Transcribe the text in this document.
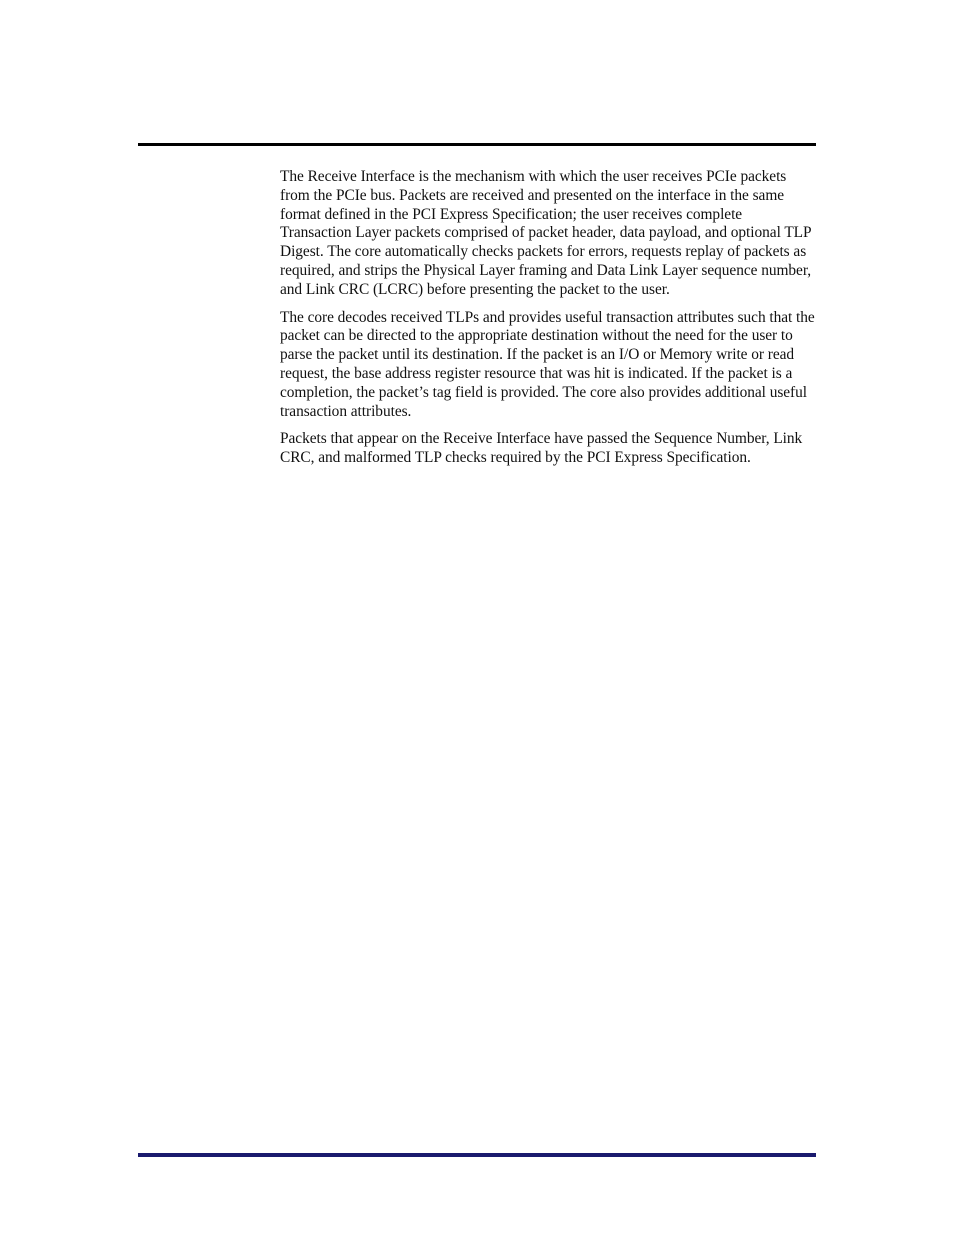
The Receive Interface is the mechanism with which the user receives PCIe packets from the PCIe bus. Packets are received and presented on the interface in the same format defined in the PCI Express Specification; the user receives complete Transaction Layer packets comprised of packet header, data payload, and optional TLP Digest. The core automatically checks packets for errors, requests replay of packets as required, and strips the Physical Layer framing and Data Link Layer sequence number, and Link CRC (LCRC) before presenting the packet to the user.

The core decodes received TLPs and provides useful transaction attributes such that the packet can be directed to the appropriate destination without the need for the user to parse the packet until its destination. If the packet is an I/O or Memory write or read request, the base address register resource that was hit is indicated. If the packet is a completion, the packet’s tag field is provided. The core also provides additional useful transaction attributes.

Packets that appear on the Receive Interface have passed the Sequence Number, Link CRC, and malformed TLP checks required by the PCI Express Specification.
